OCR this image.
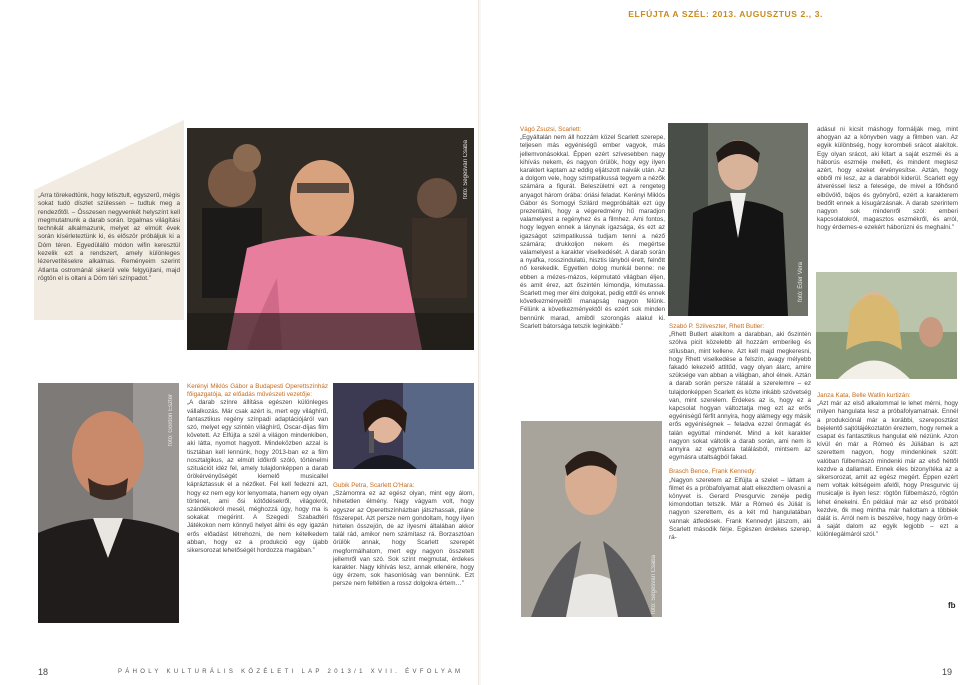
„Arra törekedtünk, hogy letisztult, egyszerű, mégis sokat tudó díszlet szülessen – tudtuk meg a rendezőtől. – Összesen negyvenkét helyszínt kell megmutatnunk a darab során. Izgalmas világítási technikát alkalmazunk, melyet az elmúlt évek során kísérleteztünk ki, és először próbáljuk ki a Dóm téren. Egyedülálló módon wifin keresztül kezelik ezt a rendszert, amely különleges lézervetítésekre alkalmas. Reményeim szerint Atlanta ostrománál sikerül vele felgyújtani, majd rögtön el is oltani a Dóm téri színpadot.”
fotó: Segesvári Csaba
fotó: Gordon Eszter

Kerényi Miklós Gábor a Budapesti Operettszínház főigazgatója, az előadás művészeti vezetője:

„A darab színre állítása egészen különleges vállalkozás. Már csak azért is, mert egy világhírű, fantasztikus regény színpadi adaptációjáról van szó, melyet egy szintén világhírű, Oscar-díjas film követett. Az Elfújta a szél a világon mindenkiben, aki látta, nyomot hagyott. Mindeközben azzal is tisztában kell lennünk, hogy 2013-ban ez a film nosztalgikus, az elmúlt időkről szóló, történelmi szituációt idéz fel, amely tulajdonképpen a darab örökérvényűségét kiemelő musicallel kápráztassuk el a nézőket. Fel kell fedezni azt, hogy ez nem egy kor lenyomata, hanem egy olyan történet, ami ősi kötődésekről, világokról, szándékokról mesél, méghozzá úgy, hogy ma is sokakat megérint. A Szegedi Szabadtéri Játékokon nem könnyű helyet állni és egy igazán erős előadást létrehozni, de nem kételkedem abban, hogy ez a produkció egy újabb sikersorozat lehetőségét hordozza magában.”

Gubik Petra, Scarlett O'Hara:

„Számomra ez az egész olyan, mint egy álom, hihetetlen élmény. Nagy vágyam volt, hogy egyszer az Operettszínházban játszhassak, pláne főszerepet. Azt persze nem gondoltam, hogy ilyen hirtelen összejön, de az ilyesmi általában akkor talál rád, amikor nem számítasz rá. Borzasztóan örülök annak, hogy Scarlett szerepét megformálhatom, mert egy nagyon összetett jellemről van szó. Sok színt megmutat, érdekes karakter. Nagy kihívás lesz, annak ellenére, hogy úgy érzem, sok hasonlóság van bennünk. Ezt persze nem feltétlen a rossz dolgokra értem…”

18	PÁHOLY KULTURÁLIS KÖZÉLETI LAP 2013/1 XVII. ÉVFOLYAM
ELFÚJTA A SZÉL: 2013. AUGUSZTUS 2., 3.

Vágó Zsuzsi, Scarlett:

„Egyáltalán nem áll hozzám közel Scarlett szerepe, teljesen más egyéniségű ember vagyok, más jellemvonásokkal. Éppen ezért szívesebben nagy kihívás nekem, és nagyon örülök, hogy egy ilyen karaktert kaptam az eddig eljátszott naivák után. Az a dolgom vele, hogy szimpatikussá tegyem a nézők számára a figurát. Beleszületni ezt a rengeteg anyagot három órába: óriási feladat. Kerényi Miklós Gábor és Somogyi Szilárd megpróbálták ezt úgy prezentálni, hogy a végeredmény hű maradjon valamelyest a regényhez és a filmhez. Ami fontos, hogy legyen ennek a lánynak igazsága, és ezt az igazságot szimpatikussá tudjam tenni a néző számára; drukkoljon nekem és megértse valamelyest a karakter viselkedését. A darab során a nyafka, rosszindulatú, hisztis lányból érett, felnőtt nő kerekedik. Egyetlen dolog munkál benne: ne ebben a mézes-mázos, képmutató világban éljen, és amit érez, azt őszintén kimondja, kimutassa. Scarlett meg mer élni dolgokat, pedig ettől és ennek következményeitől manapság nagyon félünk. Félünk a következményektől és ezért sok minden bennünk marad, amiből szorongás alakul ki. Scarlett bátorsága tetszik leginkább.”

fotó: Éder Vera

Szabó P. Szilveszter, Rhett Butler:

„Rhett Butlert alakítom a darabban, aki őszintén szólva picit közelebb áll hozzám emberileg és stílusban, mint kellene. Azt kell majd megkeresni, hogy Rhett viselkedése a felszín, avagy mélyebb fakadó lekezelő attitűd, vagy olyan álarc, amire szüksége van abban a világban, ahol élnek. Aztán a darab során persze rátalál a szerelemre – ez tulajdonképpen Scarlett és közte inkább szövetség van, mint szerelem. Érdekes az is, hogy ez a kapcsolat hogyan változtatja meg ezt az erős egyéniségű férfit annyira, hogy alámegy egy másik erős egyéniségnek – feladva ezzel önmagát és talán egyúttal mindenét. Mind a két karakter nagyon sokat váltotik a darab során, ami nem is annyira az egymásra találásból, mintsem az egymásra utaltságból fakad.

Brasch Bence, Frank Kennedy:

„Nagyon szeretem az Elfújta a szelet – láttam a filmet és a próbafolyamat alatt elkezdtem olvasni a könyvet is. Gerard Presgurvic zenéje pedig kimondottan tetszik. Már a Rómeó és Júliát is nagyon szerettem, és a két mű hangulatában vannak átfedések. Frank Kennedyt játszom, aki Scarlett második férje. Egészen érdekes szerep, rá-

fotó: Segesvári Csaba

adásul ni kicsit máshogy formálják meg, mint ahogyan az a könyvben vagy a filmben van. Az egyik különbség, hogy korombeli srácot alakítok. Egy olyan srácot, aki kitart a saját eszméi és a háborús eszméje mellett, és mindent megtesz azért, hogy ezeket érvényesítse. Aztán, hogy ebből mi lesz, az a darabból kiderül. Scarlett egy átveréssel lesz a felesége, de mivel a főhősnő elbűvölő, bájos és gyönyörű, ezért a karakterem bedőlt ennek a kisugárzásnak. A darab szerintem nagyon sok mindenről szól: emberi kapcsolatokról, magasztos eszmékről, és arról, hogy érdemes-e ezekért háborúzni és meghalni.”

Janza Kata, Belle Watlin kurtizán:

„Azt már az első alkalommal le lehet mérni, hogy milyen hangulata lesz a próbafolyamatnak. Ennél a produkciónál már a korábbi, szereposztást bejelentő sajtótájékoztatón éreztem, hogy remek a csapat és fantasztikus hangulat elé nézünk. Azon kívül én már a Rómeó és Júliában is azt szerettem nagyon, hogy mindenkinek szólt: valóban fülbemászó mindenki már az első héttől kezdve a dallamait. Ennek éles bizonyítéka az a sikersorozat, amit az egész megért. Éppen ezért nem voltak kétségeim afelől, hogy Presgurvic új musicalje is ilyen lesz: rögtön fülbemászó, rögtön lehet énekelni. Én például már az első próbától kezdve, ők meg mintha már hallottam a többiek dalát is. Arról nem is beszélve, hogy nagy öröm-e a saját dalom az egyik legjobb – ezt a különlegálmáról szól.”

fb
19
